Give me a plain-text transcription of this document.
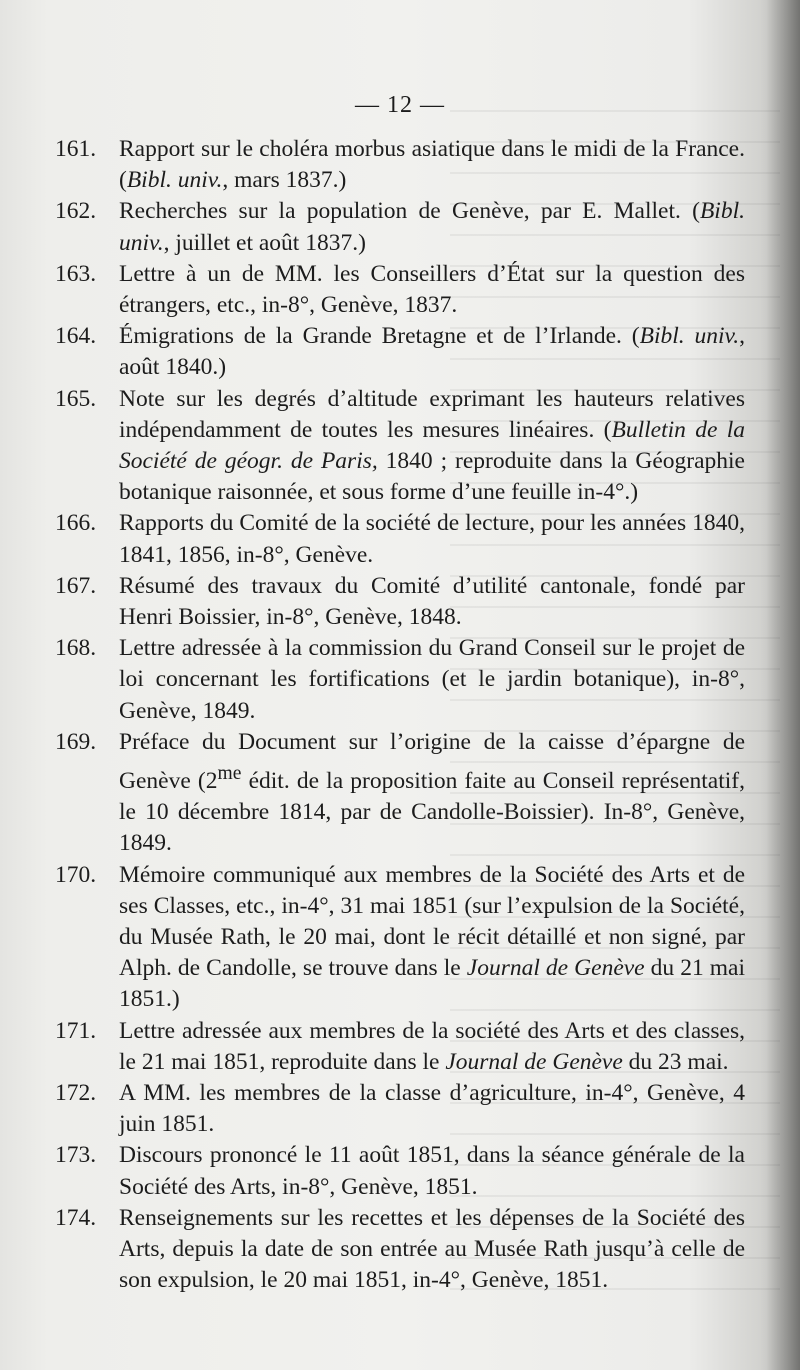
— 12 —

161. Rapport sur le choléra morbus asiatique dans le midi de la France. (Bibl. univ., mars 1837.)

162. Recherches sur la population de Genève, par E. Mallet. (Bibl. univ., juillet et août 1837.)

163. Lettre à un de MM. les Conseillers d’État sur la question des étrangers, etc., in-8°, Genève, 1837.

164. Émigrations de la Grande Bretagne et de l’Irlande. (Bibl. univ., août 1840.)

165. Note sur les degrés d’altitude exprimant les hauteurs relatives indépendamment de toutes les mesures linéaires. (Bulletin de la Société de géogr. de Paris, 1840 ; reproduite dans la Géographie botanique raisonnée, et sous forme d’une feuille in-4°.)

166. Rapports du Comité de la société de lecture, pour les années 1840, 1841, 1856, in-8°, Genève.

167. Résumé des travaux du Comité d’utilité cantonale, fondé par Henri Boissier, in-8°, Genève, 1848.

168. Lettre adressée à la commission du Grand Conseil sur le projet de loi concernant les fortifications (et le jardin botanique), in-8°, Genève, 1849.

169. Préface du Document sur l’origine de la caisse d’épargne de Genève ($2^{me}$ édit. de la proposition faite au Conseil représentatif, le 10 décembre 1814, par de Candolle-Boissier). In-8°, Genève, 1849.

170. Mémoire communiqué aux membres de la Société des Arts et de ses Classes, etc., in-4°, 31 mai 1851 (sur l’expulsion de la Société, du Musée Rath, le 20 mai, dont le récit détaillé et non signé, par Alph. de Candolle, se trouve dans le Journal de Genève du 21 mai 1851.)

171. Lettre adressée aux membres de la société des Arts et des classes, le 21 mai 1851, reproduite dans le Journal de Genève du 23 mai.

172. A MM. les membres de la classe d’agriculture, in-4°, Genève, 4 juin 1851.

173. Discours prononcé le 11 août 1851, dans la séance générale de la Société des Arts, in-8°, Genève, 1851.

174. Renseignements sur les recettes et les dépenses de la Société des Arts, depuis la date de son entrée au Musée Rath jusqu’à celle de son expulsion, le 20 mai 1851, in-4°, Genève, 1851.
